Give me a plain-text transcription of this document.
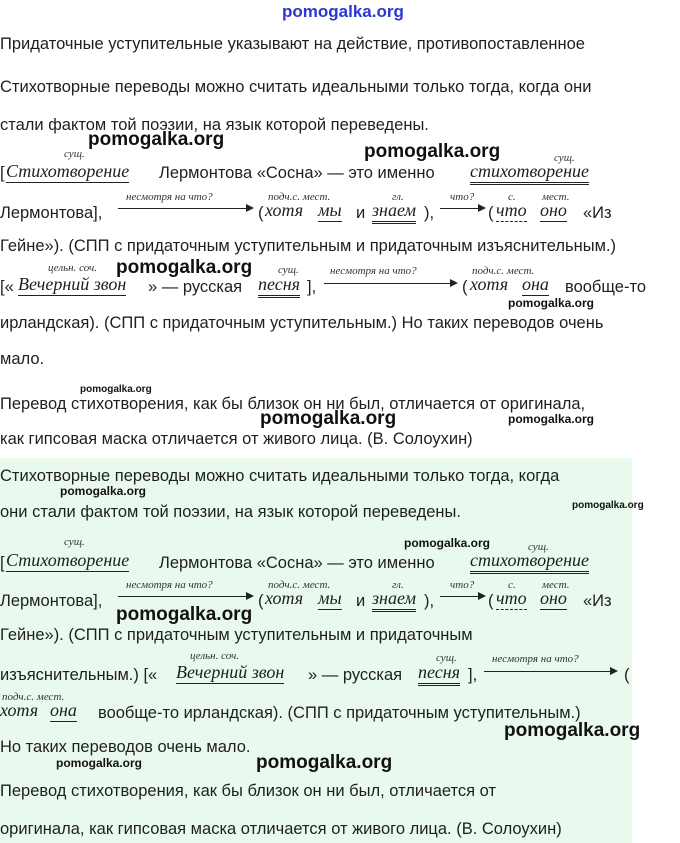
pomogalka.org
Придаточные уступительные указывают на действие, противопоставленное
Стихотворные переводы можно считать идеальными только тогда, когда они
стали фактом той поэзии, на язык которой переведены.
сущ.
[ Стихотворение Лермонтова «Сосна» — это именно
сущ.
стихотворение
Лермонтова],
несмотря на что?
(
подч.с. мест.
хотя мы и
гл.
знаем ),
что?
(
с.
что
мест.
оно «Из
Гейне»). (СПП с придаточным уступительным и придаточным изъяснительным.)
цельн. соч.
[« Вечерний звон » — русская
сущ.
песня ],
несмотря на что?
(
подч.с. мест.
хотя она вообще-то
ирландская). (СПП с придаточным уступительным.) Но таких переводов очень
мало.
Перевод стихотворения, как бы близок он ни был, отличается от оригинала,
как гипсовая маска отличается от живого лица. (В. Солоухин)
Стихотворные переводы можно считать идеальными только тогда, когда
они стали фактом той поэзии, на язык которой переведены.
сущ.
[ Стихотворение Лермонтова «Сосна» — это именно
сущ.
стихотворение
Лермонтова],
несмотря на что?
(
подч.с. мест.
хотя мы и
гл.
знаем ),
что?
(
с.
что
мест.
оно «Из
Гейне»). (СПП с придаточным уступительным и придаточным
изъяснительным.) [«
цельн. соч.
Вечерний звон » — русская
сущ.
песня ],
несмотря на что?
(
подч.с. мест.
хотя она вообще-то ирландская). (СПП с придаточным уступительным.)
Но таких переводов очень мало.
Перевод стихотворения, как бы близок он ни был, отличается от
оригинала, как гипсовая маска отличается от живого лица. (В. Солоухин)
pomogalka.org
pomogalka.org
pomogalka.org
pomogalka.org
pomogalka.org
pomogalka.org	pomogalka.org
pomogalka.org
pomogalka.org
pomogalka.org
pomogalka.org
pomogalka.org
pomogalka.org	pomogalka.org
